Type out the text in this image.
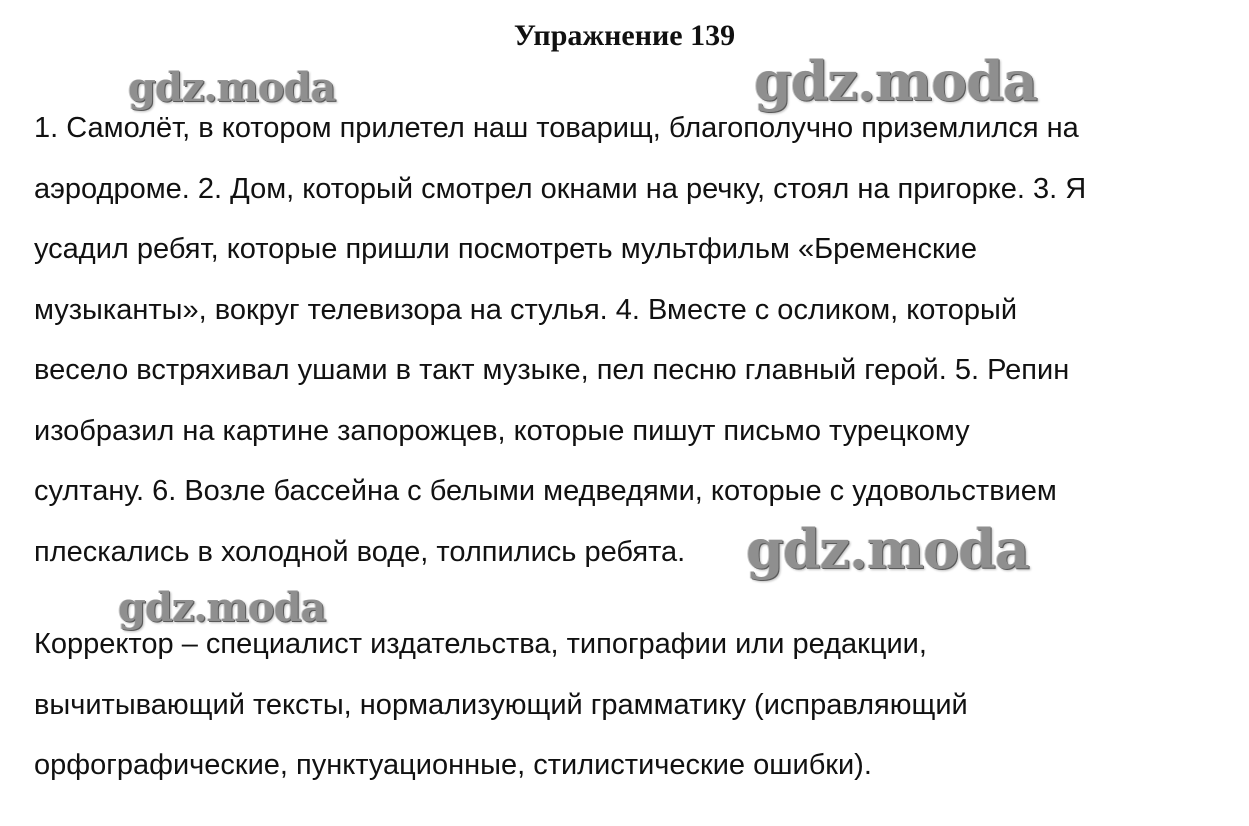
Упражнение 139
1. Самолёт, в котором прилетел наш товарищ, благополучно приземлился на
аэродроме. 2. Дом, который смотрел окнами на речку, стоял на пригорке. 3. Я
усадил ребят, которые пришли посмотреть мультфильм «Бременские
музыканты», вокруг телевизора на стулья. 4. Вместе с осликом, который
весело встряхивал ушами в такт музыке, пел песню главный герой. 5. Репин
изобразил на картине запорожцев, которые пишут письмо турецкому
султану. 6. Возле бассейна с белыми медведями, которые с удовольствием
плескались в холодной воде, толпились ребята.
Корректор – специалист издательства, типографии или редакции,
вычитывающий тексты, нормализующий грамматику (исправляющий
орфографические, пунктуационные, стилистические ошибки).
gdz.moda	gdz.moda
gdz.moda
gdz.moda
